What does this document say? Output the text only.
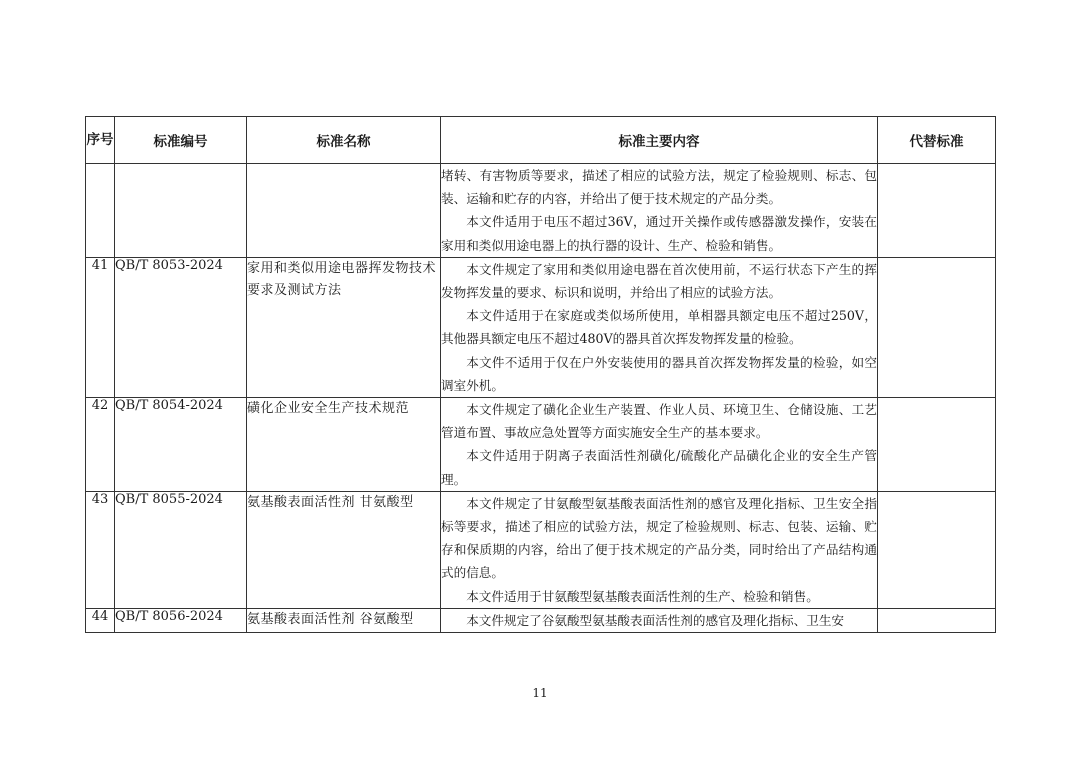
序号	标准编号	标准名称	标准主要内容	代替标准

			堵转、有害物质等要求，描述了相应的试验方法，规定了检验规则、标志、包装、运输和贮存的内容，并给出了便于技术规定的产品分类。

本文件适用于电压不超过36V，通过开关操作或传感器激发操作，安装在家用和类似用途电器上的执行器的设计、生产、检验和销售。	

41	QB/T 8053-2024	家用和类似用途电器挥发物技术要求及测试方法	本文件规定了家用和类似用途电器在首次使用前，不运行状态下产生的挥发物挥发量的要求、标识和说明，并给出了相应的试验方法。

本文件适用于在家庭或类似场所使用，单相器具额定电压不超过250V，其他器具额定电压不超过480V的器具首次挥发物挥发量的检验。

本文件不适用于仅在户外安装使用的器具首次挥发物挥发量的检验，如空调室外机。	

42	QB/T 8054-2024	磺化企业安全生产技术规范	本文件规定了磺化企业生产装置、作业人员、环境卫生、仓储设施、工艺管道布置、事故应急处置等方面实施安全生产的基本要求。

本文件适用于阴离子表面活性剂磺化/硫酸化产品磺化企业的安全生产管理。	

43	QB/T 8055-2024	氨基酸表面活性剂 甘氨酸型	本文件规定了甘氨酸型氨基酸表面活性剂的感官及理化指标、卫生安全指标等要求，描述了相应的试验方法，规定了检验规则、标志、包装、运输、贮存和保质期的内容，给出了便于技术规定的产品分类，同时给出了产品结构通式的信息。

本文件适用于甘氨酸型氨基酸表面活性剂的生产、检验和销售。	

44	QB/T 8056-2024	氨基酸表面活性剂 谷氨酸型	本文件规定了谷氨酸型氨基酸表面活性剂的感官及理化指标、卫生安	

11
